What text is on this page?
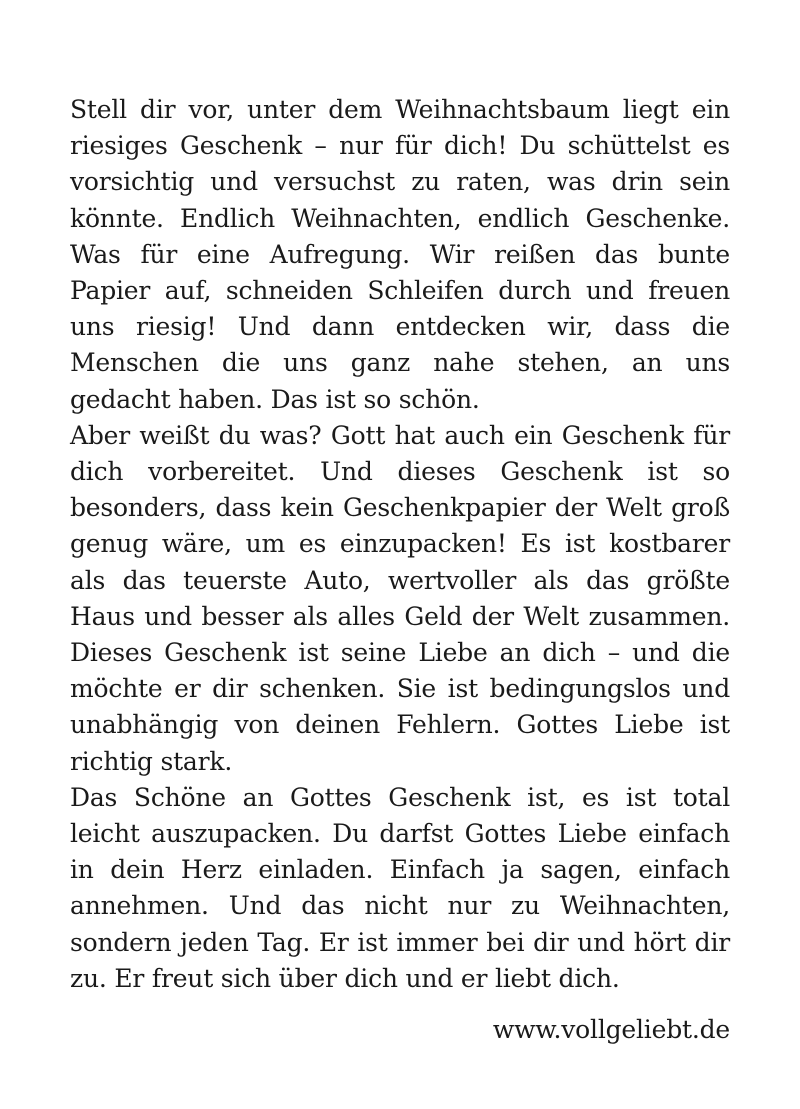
Stell dir vor, unter dem Weihnachtsbaum liegt ein riesiges Geschenk – nur für dich! Du schüttelst es vorsichtig und versuchst zu raten, was drin sein könnte. Endlich Weihnachten, endlich Geschenke. Was für eine Aufregung. Wir reißen das bunte Papier auf, schneiden Schleifen durch und freuen uns riesig! Und dann entdecken wir, dass die Menschen die uns ganz nahe stehen, an uns gedacht haben. Das ist so schön.

Aber weißt du was? Gott hat auch ein Geschenk für dich vorbereitet. Und dieses Geschenk ist so besonders, dass kein Geschenkpapier der Welt groß genug wäre, um es einzupacken! Es ist kostbarer als das teuerste Auto, wertvoller als das größte Haus und besser als alles Geld der Welt zusammen. Dieses Geschenk ist seine Liebe an dich – und die möchte er dir schenken. Sie ist bedingungslos und unabhängig von deinen Fehlern. Gottes Liebe ist richtig stark.

Das Schöne an Gottes Geschenk ist, es ist total leicht auszupacken. Du darfst Gottes Liebe einfach in dein Herz einladen. Einfach ja sagen, einfach annehmen. Und das nicht nur zu Weihnachten, sondern jeden Tag. Er ist immer bei dir und hört dir zu. Er freut sich über dich und er liebt dich.

www.vollgeliebt.de
